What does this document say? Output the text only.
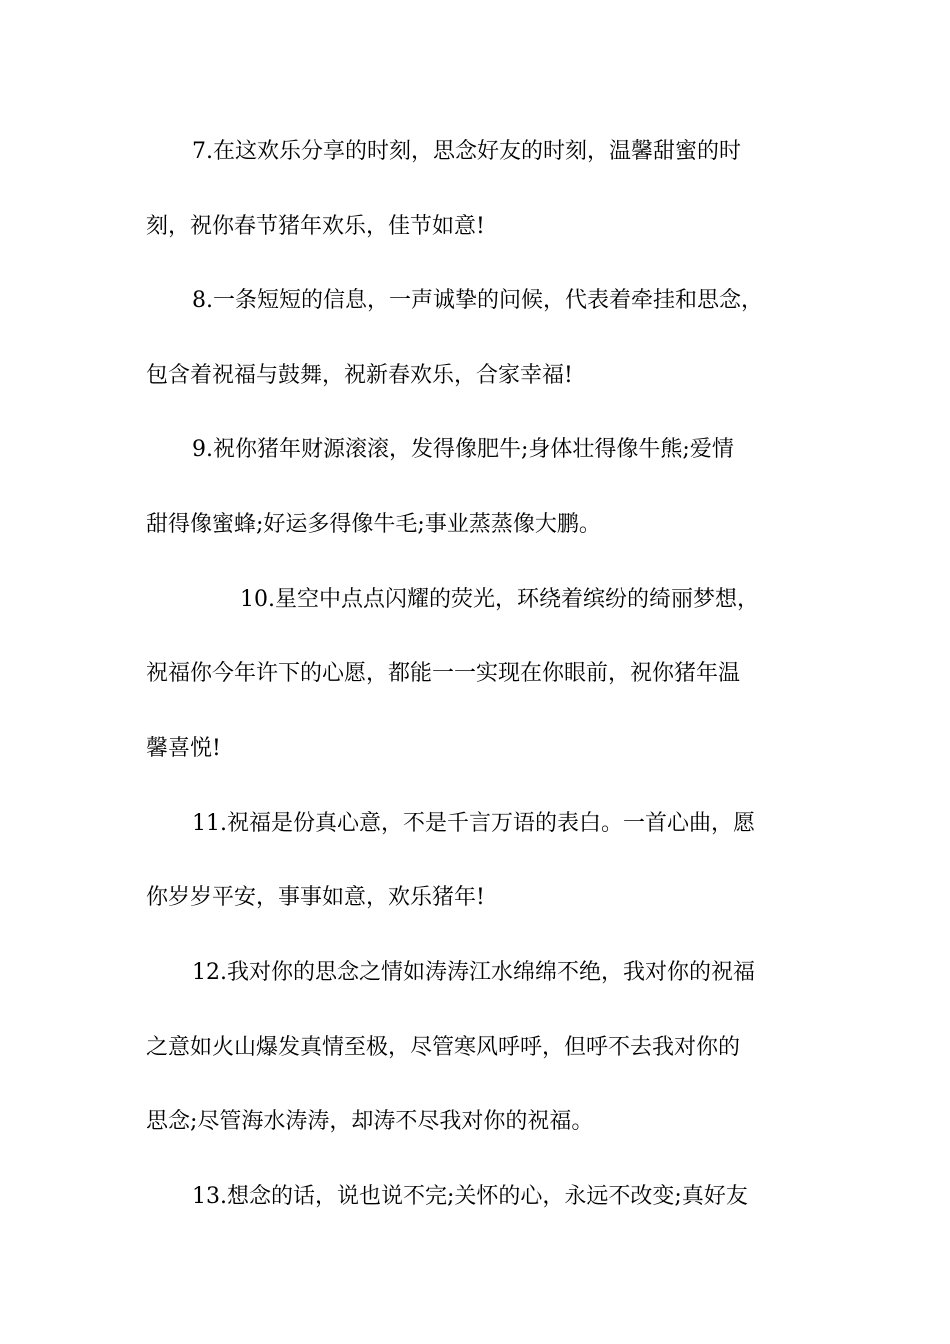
7.在这欢乐分享的时刻，思念好友的时刻，温馨甜蜜的时
刻，祝你春节猪年欢乐，佳节如意!
8.一条短短的信息，一声诚挚的问候，代表着牵挂和思念，
包含着祝福与鼓舞，祝新春欢乐，合家幸福!
9.祝你猪年财源滚滚，发得像肥牛;身体壮得像牛熊;爱情
甜得像蜜蜂;好运多得像牛毛;事业蒸蒸像大鹏。
10.星空中点点闪耀的荧光，环绕着缤纷的绮丽梦想，
祝福你今年许下的心愿，都能一一实现在你眼前，祝你猪年温
馨喜悦!
11.祝福是份真心意，不是千言万语的表白。一首心曲，愿
你岁岁平安，事事如意，欢乐猪年!
12.我对你的思念之情如涛涛江水绵绵不绝，我对你的祝福
之意如火山爆发真情至极，尽管寒风呼呼，但呼不去我对你的
思念;尽管海水涛涛，却涛不尽我对你的祝福。
13.想念的话，说也说不完;关怀的心，永远不改变;真好友
